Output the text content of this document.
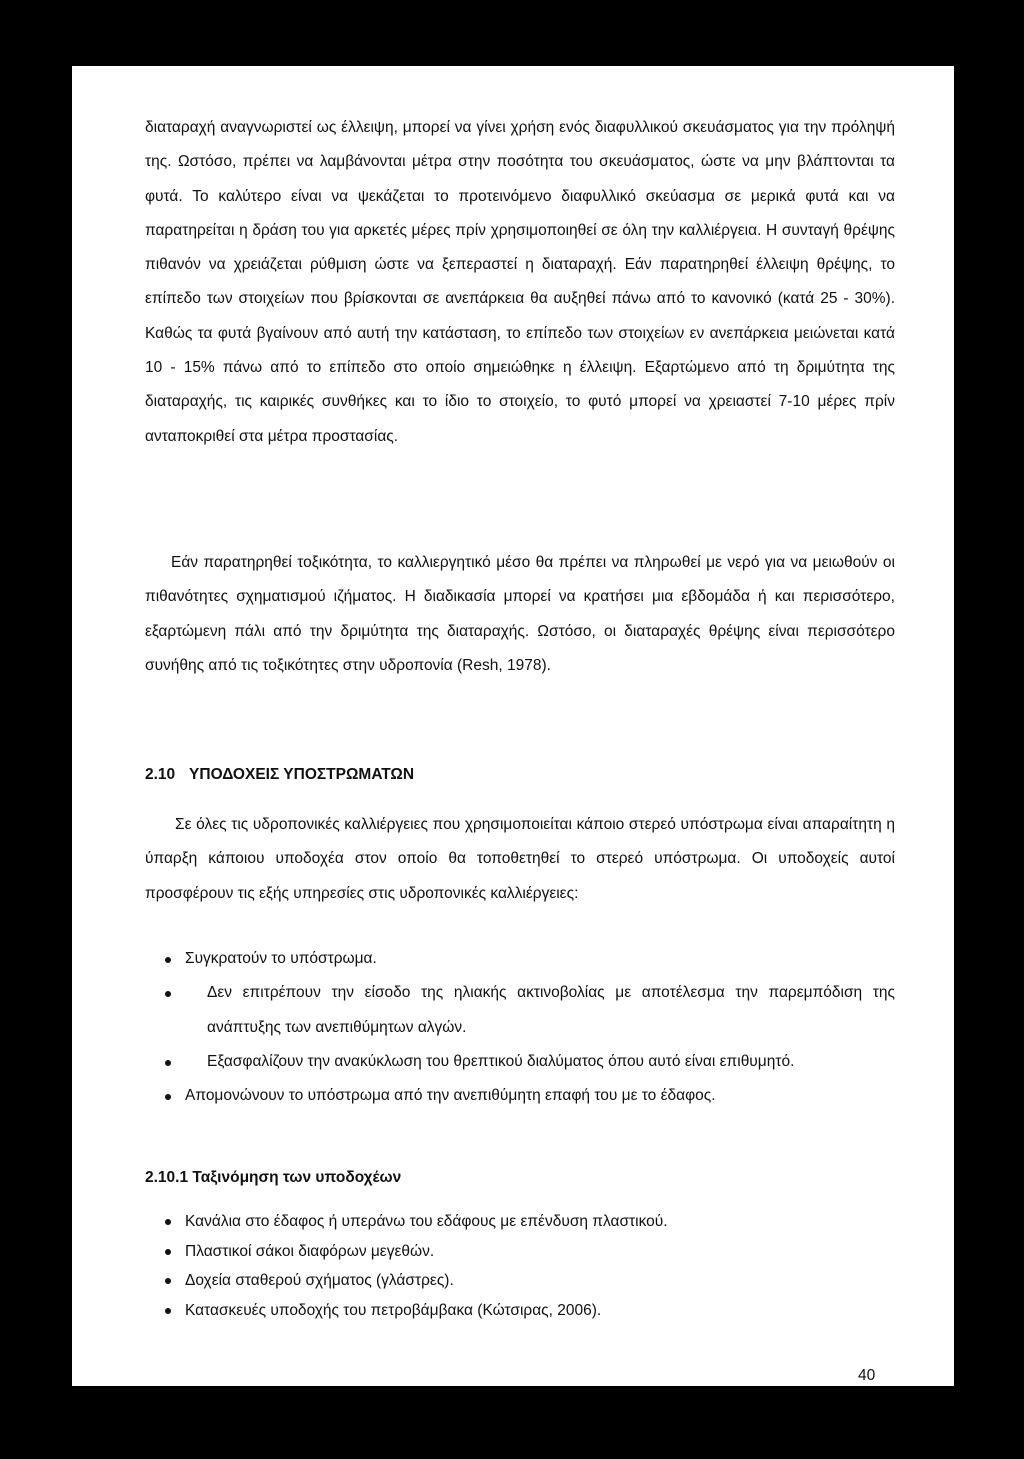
διαταραχή αναγνωριστεί ως έλλειψη, μπορεί να γίνει χρήση ενός διαφυλλικού σκευάσματος για την πρόληψή της. Ωστόσο, πρέπει να λαμβάνονται μέτρα στην ποσότητα του σκευάσματος, ώστε να μην βλάπτονται τα φυτά. Το καλύτερο είναι να ψεκάζεται το προτεινόμενο διαφυλλικό σκεύασμα σε μερικά φυτά και να παρατηρείται η δράση του για αρκετές μέρες πρίν χρησιμοποιηθεί σε όλη την καλλιέργεια. Η συνταγή θρέψης πιθανόν να χρειάζεται ρύθμιση ώστε να ξεπεραστεί η διαταραχή. Εάν παρατηρηθεί έλλειψη θρέψης, το επίπεδο των στοιχείων που βρίσκονται σε ανεπάρκεια θα αυξηθεί πάνω από το κανονικό (κατά 25 - 30%). Καθώς τα φυτά βγαίνουν από αυτή την κατάσταση, το επίπεδο των στοιχείων εν ανεπάρκεια μειώνεται κατά 10 - 15% πάνω από το επίπεδο στο οποίο σημειώθηκε η έλλειψη. Εξαρτώμενο από τη δριμύτητα της διαταραχής, τις καιρικές συνθήκες και το ίδιο το στοιχείο, το φυτό μπορεί να χρειαστεί 7-10 μέρες πρίν ανταποκριθεί στα μέτρα προστασίας.

Εάν παρατηρηθεί τοξικότητα, το καλλιεργητικό μέσο θα πρέπει να πληρωθεί με νερό για να μειωθούν οι πιθανότητες σχηματισμού ιζήματος. Η διαδικασία μπορεί να κρατήσει μια εβδομάδα ή και περισσότερο, εξαρτώμενη πάλι από την δριμύτητα της διαταραχής. Ωστόσο, οι διαταραχές θρέψης είναι περισσότερο συνήθης από τις τοξικότητες στην υδροπονία (Resh, 1978).

2.10 ΥΠΟΔΟΧΕΙΣ ΥΠΟΣΤΡΩΜΑΤΩΝ

Σε όλες τις υδροπονικές καλλιέργειες που χρησιμοποιείται κάποιο στερεό υπόστρωμα είναι απαραίτητη η ύπαρξη κάποιου υποδοχέα στον οποίο θα τοποθετηθεί το στερεό υπόστρωμα. Οι υποδοχείς αυτοί προσφέρουν τις εξής υπηρεσίες στις υδροπονικές καλλιέργειες:

Συγκρατούν το υπόστρωμα.
Δεν επιτρέπουν την είσοδο της ηλιακής ακτινοβολίας με αποτέλεσμα την παρεμπόδιση της ανάπτυξης των ανεπιθύμητων αλγών.
Εξασφαλίζουν την ανακύκλωση του θρεπτικού διαλύματος όπου αυτό είναι επιθυμητό.
Απομονώνουν το υπόστρωμα από την ανεπιθύμητη επαφή του με το έδαφος.

2.10.1 Ταξινόμηση των υποδοχέων

Κανάλια στο έδαφος ή υπεράνω του εδάφους με επένδυση πλαστικού.
Πλαστικοί σάκοι διαφόρων μεγεθών.
Δοχεία σταθερού σχήματος (γλάστρες).
Κατασκευές υποδοχής του πετροβάμβακα (Κώτσιρας, 2006).
40
